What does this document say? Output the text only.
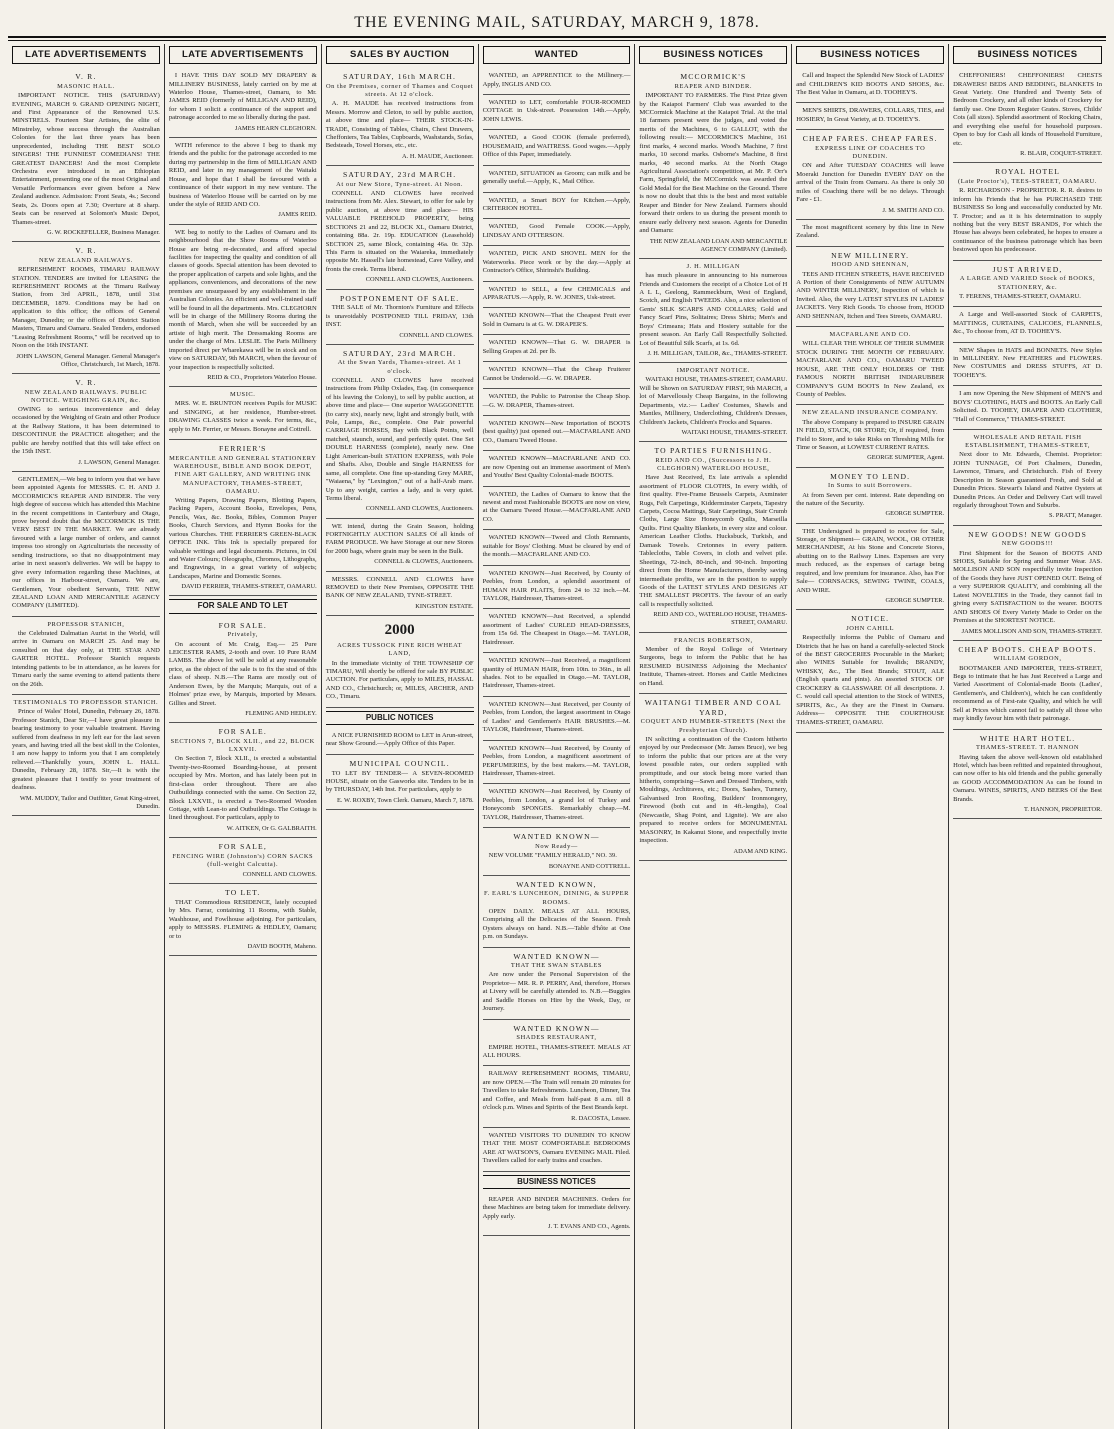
THE EVENING MAIL, SATURDAY, MARCH 9, 1878.
LATE ADVERTISEMENTS
V. R.
MASONIC HALL.
IMPORTANT NOTICE. THIS (SATURDAY) EVENING, MARCH 9. GRAND OPENING NIGHT, and First Appearance of the Renowned U.S. MINSTRELS. Fourteen Star Artistes, the elite of Minstrelsy, whose success through the Australian Colonies for the last three years has been unprecedented, including THE BEST SOLO SINGERS! THE FUNNIEST COMEDIANS! THE GREATEST DANCERS! And the most Complete Orchestra ever introduced in an Ethiopian Entertainment, presenting one of the most Original and Versatile Performances ever given before a New Zealand audience. Admission: Front Seats, 4s.; Second Seats, 2s. Doors open at 7.30; Overture at 8 sharp. Seats can be reserved at Solomon's Music Depot, Thames-street.
G. W. ROCKEFELLER, Business Manager.
V. R.
NEW ZEALAND RAILWAYS.
REFRESHMENT ROOMS, TIMARU RAILWAY STATION. TENDERS are invited for LEASING the REFRESHMENT ROOMS at the Timaru Railway Station, from 3rd APRIL, 1878, until 31st DECEMBER, 1879. Conditions may be had on application to this office; the offices of General Manager, Dunedin; or the offices of District Station Masters, Timaru and Oamaru. Sealed Tenders, endorsed "Leasing Refreshment Rooms," will be received up to Noon on the 16th INSTANT.
JOHN LAWSON, General Manager. General Manager's Office, Christchurch, 1st March, 1878.
V. R.
NEW ZEALAND RAILWAYS. PUBLIC NOTICE. WEIGHING GRAIN, &c.
OWING to serious inconvenience and delay occasioned by the Weighing of Grain and other Produce at the Railway Stations, it has been determined to DISCONTINUE the PRACTICE altogether; and the public are hereby notified that this will take effect on the 15th INST.
J. LAWSON, General Manager.
GENTLEMEN,—We beg to inform you that we have been appointed Agents for MESSRS. C. H. AND J. MCCORMICK'S REAPER AND BINDER. The very high degree of success which has attended this Machine in the recent competitions in Canterbury and Otago, prove beyond doubt that the MCCORMICK IS THE VERY BEST IN THE MARKET. We are already favoured with a large number of orders, and cannot impress too strongly on Agriculturists the necessity of sending instructions, so that no disappointment may arise in next season's deliveries. We will be happy to give every information regarding these Machines, at our offices in Harbour-street, Oamaru. We are, Gentlemen, Your obedient Servants, THE NEW ZEALAND LOAN AND MERCANTILE AGENCY COMPANY (LIMITED).
PROFESSOR STANICH,
the Celebrated Dalmatian Aurist in the World, will arrive in Oamaru on MARCH 25. And may be consulted on that day only, at THE STAR AND GARTER HOTEL. Professor Stanich requests intending patients to be in attendance, as he leaves for Timaru early the same evening to attend patients there on the 26th.
TESTIMONIALS TO PROFESSOR STANICH.
Prince of Wales' Hotel, Dunedin, February 26, 1878. Professor Stanich, Dear Sir,—I have great pleasure in bearing testimony to your valuable treatment. Having suffered from deafness in my left ear for the last seven years, and having tried all the best skill in the Colonies, I am now happy to inform you that I am completely relieved.—Thankfully yours, JOHN L. HALL. Dunedin, February 28, 1878. Sir,—It is with the greatest pleasure that I testify to your treatment of deafness.
WM. MUDDY, Tailor and Outfitter, Great King-street, Dunedin.
LATE ADVERTISEMENTS
I HAVE THIS DAY SOLD MY DRAPERY & MILLINERY BUSINESS, lately carried on by me at Waterloo House, Thames-street, Oamaru, to Mr. JAMES REID (formerly of MILLIGAN AND REID), for whom I solicit a continuance of the support and patronage accorded to me so liberally during the past.
JAMES HEARN CLEGHORN.
WITH reference to the above I beg to thank my friends and the public for the patronage accorded to me during my partnership in the firm of MILLIGAN AND REID, and later in my management of the Waitaki House, and hope that I shall be favoured with a continuance of their support in my new venture. The business of Waterloo House will be carried on by me under the style of REID AND CO.
JAMES REID.
WE beg to notify to the Ladies of Oamaru and its neighbourhood that the Show Rooms of Waterloo House are being re-decorated, and afford special facilities for inspecting the quality and condition of all classes of goods. Special attention has been devoted to the proper application of carpets and sole lights, and the appliances, conveniences, and decorations of the new premises are unsurpassed by any establishment in the Australian Colonies. An efficient and well-trained staff will be found in all the departments. Mrs. CLEGHORN will be in charge of the Millinery Rooms during the month of March, when she will be succeeded by an artiste of high merit. The Dressmaking Rooms are under the charge of Mrs. LESLIE. The Paris Millinery imported direct per Wharekawa will be in stock and on view on SATURDAY, 9th MARCH, when the favour of your inspection is respectfully solicited.
REID & CO., Proprietors Waterloo House.
MUSIC.
MRS. W. E. BRUNTON receives Pupils for MUSIC and SINGING, at her residence, Humber-street. DRAWING CLASSES twice a week. For terms, &c., apply to Mr. Ferrier, or Messrs. Bonayne and Cottrell.
FERRIER'S
MERCANTILE AND GENERAL STATIONERY WAREHOUSE, BIBLE AND BOOK DEPOT, FINE ART GALLERY, AND WRITING INK MANUFACTORY, THAMES-STREET, OAMARU.
Writing Papers, Drawing Papers, Blotting Papers, Packing Papers, Account Books, Envelopes, Pens, Pencils, Wax, &c. Books, Bibles, Common Prayer Books, Church Services, and Hymn Books for the various Churches. THE FERRIER'S GREEN-BLACK OFFICE INK. This Ink is specially prepared for valuable writings and legal documents. Pictures, in Oil and Water Colours; Oleographs, Chromos, Lithographs, and Engravings, in a great variety of subjects; Landscapes, Marine and Domestic Scenes.
DAVID FERRIER, THAMES-STREET, OAMARU.
FOR SALE AND TO LET
FOR SALE.
Privately,
On account of Mr. Craig, Esq.— 25 Pure LEICESTER RAMS, 2-tooth and over. 10 Pure RAM LAMBS. The above lot will be sold at any reasonable price, as the object of the sale is to fix the stud of this class of sheep. N.B.—The Rams are mostly out of Anderson Ewes, by the Marquis; Marquis, out of a Holmes' prize ewe, by Marquis, imported by Messrs. Gillies and Street.
FLEMING AND HEDLEY.
FOR SALE.
SECTIONS 7, BLOCK XLII., and 22, BLOCK LXXVII.
On Section 7, Block XLII., is erected a substantial Twenty-two-Roomed Boarding-house, at present occupied by Mrs. Morton, and has lately been put in first-class order throughout. There are also Outbuildings connected with the same. On Section 22, Block LXXVII., is erected a Two-Roomed Wooden Cottage, with Lean-to and Outbuildings. The Cottage is lined throughout. For particulars, apply to
W. AITKEN, Or G. GALBRAITH.
FOR SALE,
FENCING WIRE (Johnston's) CORN SACKS (full-weight Calcutta).
CONNELL AND CLOWES.
TO LET.
THAT Commodious RESIDENCE, lately occupied by Mrs. Farrar, containing 11 Rooms, with Stable, Washhouse, and Fowlhouse adjoining. For particulars, apply to MESSRS. FLEMING & HEDLEY, Oamaru; or to
DAVID BOOTH, Maheno.
SALES BY AUCTION
SATURDAY, 16th MARCH.
On the Premises, corner of Thames and Coquet streets. At 12 o'clock.
A. H. MAUDE has received instructions from Messrs. Morrow and Cleton, to sell by public auction, at above time and place— THEIR STOCK-IN-TRADE, Consisting of Tables, Chairs, Chest Drawers, Cheffoniers, Tea Tables, Cupboards, Washstands, Sofas, Bedsteads, Towel Horses, etc., etc.
A. H. MAUDE, Auctioneer.
SATURDAY, 23rd MARCH.
At our New Store, Tyne-street. At Noon.
CONNELL AND CLOWES have received instructions from Mr. Alex. Stewart, to offer for sale by public auction, at above time and place— HIS VALUABLE FREEHOLD PROPERTY, being SECTIONS 21 and 22, BLOCK XL, Oamaru District, containing 88a. 2r. 19p. EDUCATION (Leasehold) SECTION 25, same Block, containing 46a. 0r. 32p. This Farm is situated on the Waiareka, immediately opposite Mr. Hassell's late homestead, Cave Valley, and fronts the creek. Terms liberal.
CONNELL AND CLOWES, Auctioneers.
POSTPONEMENT OF SALE.
THE SALE of Mr. Thornton's Furniture and Effects is unavoidably POSTPONED TILL FRIDAY, 13th INST.
CONNELL AND CLOWES.
SATURDAY, 23rd MARCH.
At the Swan Yards, Thames-street. At 1 o'clock.
CONNELL AND CLOWES have received instructions from Philip Oxlades, Esq. (in consequence of his leaving the Colony), to sell by public auction, at above time and place— One superior WAGGONETTE (to carry six), nearly new, light and strongly built, with Pole, Lamps, &c., complete. One Pair powerful CARRIAGE HORSES, Bay with Black Points, well matched, staunch, sound, and perfectly quiet. One Set DOUBLE HARNESS (complete), nearly new. One Light American-built STATION EXPRESS, with Pole and Shafts. Also, Double and Single HARNESS for same, all complete. One fine up-standing Grey MARE, "Waiaena," by "Lexington," out of a half-Arab mare. Up to any weight, carries a lady, and is very quiet. Terms liberal.
CONNELL AND CLOWES, Auctioneers.
WE intend, during the Grain Season, holding FORTNIGHTLY AUCTION SALES Of all kinds of FARM PRODUCE. We have Storage at our new Stores for 2000 bags, where grain may be seen in the Bulk.
CONNELL & CLOWES, Auctioneers.
MESSRS. CONNELL AND CLOWES have REMOVED to their New Premises, OPPOSITE THE BANK OF NEW ZEALAND, TYNE-STREET.
KINGSTON ESTATE.
2000
ACRES TUSSOCK FINE RICH WHEAT LAND,
In the immediate vicinity of THE TOWNSHIP OF TIMARU, Will shortly be offered for sale BY PUBLIC AUCTION. For particulars, apply to MILES, HASSAL AND CO., Christchurch; or, MILES, ARCHER, AND CO., Timaru.
PUBLIC NOTICES
A NICE FURNISHED ROOM to LET in Arun-street, near Show Ground.—Apply Office of this Paper.
MUNICIPAL COUNCIL.
TO LET BY TENDER— A SEVEN-ROOMED HOUSE, situate on the Gasworks site. Tenders to be in by THURSDAY, 14th Inst. For particulars, apply to
E. W. ROXBY, Town Clerk. Oamaru, March 7, 1878.
WANTED
WANTED, an APPRENTICE to the Millinery.—Apply, INGLIS AND CO.
WANTED to LET, comfortable FOUR-ROOMED COTTAGE in Usk-street. Possession 14th.—Apply, JOHN LEWIS.
WANTED, a Good COOK (female preferred), HOUSEMAID, and WAITRESS. Good wages.—Apply Office of this Paper, immediately.
WANTED, SITUATION as Groom; can milk and be generally useful.—Apply, K., Mail Office.
WANTED, a Smart BOY for Kitchen.—Apply, CRITERION HOTEL.
WANTED, Good Female COOK.—Apply, LINDSAY AND OTTERSON.
WANTED, PICK AND SHOVEL MEN for the Waterworks. Piece work or by the day.—Apply at Contractor's Office, Shirinshi's Building.
WANTED to SELL, a few CHEMICALS and APPARATUS.—Apply, R. W. JONES, Usk-street.
WANTED KNOWN—That the Cheapest Fruit ever Sold in Oamaru is at G. W. DRAPER'S.
WANTED KNOWN—That G. W. DRAPER is Selling Grapes at 2d. per lb.
WANTED KNOWN—That the Cheap Fruiterer Cannot be Undersold.—G. W. DRAPER.
WANTED, the Public to Patronise the Cheap Shop.—G. W. DRAPER, Thames-street.
WANTED KNOWN—New Importation of BOOTS (best quality) just opened out.—MACFARLANE AND CO., Oamaru Tweed House.
WANTED KNOWN—MACFARLANE AND CO. are now Opening out an immense assortment of Men's and Youths' Best Quality Colonial-made BOOTS.
WANTED, the Ladies of Oamaru to know that the newest and most Fashionable BOOTS are now on view, at the Oamaru Tweed House.—MACFARLANE AND CO.
WANTED KNOWN—Tweed and Cloth Remnants, suitable for Boys' Clothing. Must be cleared by end of the month.—MACFARLANE AND CO.
WANTED KNOWN—Just Received, by County of Peebles, from London, a splendid assortment of HUMAN HAIR PLAITS, from 24 to 32 inch.—M. TAYLOR, Hairdresser, Thames-street.
WANTED KNOWN—Just Received, a splendid assortment of Ladies' CURLED HEAD-DRESSES, from 15s 6d. The Cheapest in Otago.—M. TAYLOR, Hairdresser.
WANTED KNOWN—Just Received, a magnificent quantity of HUMAN HAIR, from 10in. to 36in., in all shades. Not to be equalled in Otago.—M. TAYLOR, Hairdresser, Thames-street.
WANTED KNOWN—Just Received, per County of Peebles, from London, the largest assortment in Otago of Ladies' and Gentlemen's HAIR BRUSHES.—M. TAYLOR, Hairdresser, Thames-street.
WANTED KNOWN—Just Received, by County of Peebles, from London, a magnificent assortment of PERFUMERIES, by the best makers.—M. TAYLOR, Hairdresser, Thames-street.
WANTED KNOWN—Just Received, by County of Peebles, from London, a grand lot of Turkey and Honeycomb SPONGES. Remarkably cheap.—M. TAYLOR, Hairdresser, Thames-street.
WANTED KNOWN—
Now Ready—
NEW VOLUME "FAMILY HERALD," NO. 39.
BONAYNE AND COTTRELL.
WANTED KNOWN,
F. EARL'S LUNCHEON, DINING, & SUPPER ROOMS.
OPEN DAILY. MEALS AT ALL HOURS, Comprising all the Delicacies of the Season. Fresh Oysters always on hand. N.B.—Table d'hôte at One p.m. on Sundays.
WANTED KNOWN—
THAT THE SWAN STABLES
Are now under the Personal Supervision of the Proprietor— MR. R. P. PERRY, And, therefore, Horses at Livery will be carefully attended to. N.B.—Buggies and Saddle Horses on Hire by the Week, Day, or Journey.
WANTED KNOWN—
SHADES RESTAURANT,
EMPIRE HOTEL, THAMES-STREET. MEALS AT ALL HOURS.
RAILWAY REFRESHMENT ROOMS, TIMARU, are now OPEN.—The Train will remain 20 minutes for Travellers to take Refreshments. Luncheon, Dinner, Tea and Coffee, and Meals from half-past 8 a.m. till 8 o'clock p.m. Wines and Spirits of the Best Brands kept.
R. DACOSTA, Lessee.
WANTED VISITORS TO DUNEDIN TO KNOW THAT THE MOST COMFORTABLE BEDROOMS ARE AT WATSON'S, Oamaru EVENING MAIL Filed. Travellers called for early trains and coaches.
BUSINESS NOTICES
REAPER AND BINDER MACHINES. Orders for these Machines are being taken for immediate delivery. Apply early.
J. T. EVANS AND CO., Agents.
BUSINESS NOTICES
MCCORMICK'S
REAPER AND BINDER.
IMPORTANT TO FARMERS. The First Prize given by the Kaiapoi Farmers' Club was awarded to the MCCormick Machine at the Kaiapoi Trial. At the trial 18 farmers present were the judges, and voted the merits of the Machines, 6 to GALLOT, with the following result:— MCCORMICK'S Machine, 161 first marks, 4 second marks. Wood's Machine, 7 first marks, 10 second marks. Osborne's Machine, 8 first marks, 40 second marks. At the North Otago Agricultural Association's competition, at Mr. P. Orr's Farm, Springfield, the MCCormick was awarded the Gold Medal for the Best Machine on the Ground. There is now no doubt that this is the best and most suitable Reaper and Binder for New Zealand. Farmers should forward their orders to us during the present month to ensure early delivery next season. Agents for Dunedin and Oamaru:
THE NEW ZEALAND LOAN AND MERCANTILE AGENCY COMPANY (Limited).
J. H. MILLIGAN
has much pleasure in announcing to his numerous Friends and Customers the receipt of a Choice Lot of H A L L, Geelong, Rammeckburn, West of England, Scotch, and English TWEEDS. Also, a nice selection of Gents' SILK SCARFS AND COLLARS; Gold and Fancy Scarf Pins, Solitaires; Dress Shirts; Men's and Boys' Crimeans; Hats and Hosiery suitable for the present season. An Early Call Respectfully Solicited. Lot of Beautiful Silk Scarfs, at 1s. 6d.
J. H. MILLIGAN, TAILOR, &c., THAMES-STREET.
IMPORTANT NOTICE.
WAITAKI HOUSE, THAMES-STREET, OAMARU. Will be Shown on SATURDAY FIRST, 9th MARCH, a lot of Marvellously Cheap Bargains, in the following Departments, viz.:— Ladies' Costumes, Shawls and Mantles, Millinery, Underclothing, Children's Dresses, Children's Jackets, Children's Frocks and Squares.
WAITAKI HOUSE, THAMES-STREET.
TO PARTIES FURNISHING.
REID AND CO., (Successors to J. H. CLEGHORN) WATERLOO HOUSE,
Have Just Received, Ex late arrivals a splendid assortment of FLOOR CLOTHS, In every width, of first quality. Five-Frame Brussels Carpets, Axminster Rugs, Felt Carpetings, Kidderminster Carpets, Tapestry Carpets, Cocoa Mattings, Stair Carpetings, Stair Crumb Cloths, Large Size Honeycomb Quilts, Marseilla Quilts. First Quality Blankets, in every size and colour. American Leather Cloths. Hucksbuck, Turkish, and Damask Towels. Cretonnes in every pattern. Tablecloths, Table Covers, in cloth and velvet pile. Sheetings, 72-inch, 80-inch, and 90-inch. Importing direct from the Home Manufacturers, thereby saving intermediate profits, we are in the position to supply Goods of the LATEST STYLES AND DESIGNS AT THE SMALLEST PROFITS. The favour of an early call is respectfully solicited.
REID AND CO., WATERLOO HOUSE, THAMES-STREET, OAMARU.
FRANCIS ROBERTSON,
Member of the Royal College of Veterinary Surgeons, begs to inform the Public that he has RESUMED BUSINESS Adjoining the Mechanics' Institute, Thames-street. Horses and Cattle Medicines on Hand.
WAITANGI TIMBER AND COAL YARD,
COQUET AND HUMBER-STREETS (Next the Presbyterian Church).
IN soliciting a continuation of the Custom hitherto enjoyed by our Predecessor (Mr. James Bruce), we beg to inform the public that our prices are at the very lowest possible rates, our orders supplied with promptitude, and our stock being more varied than hitherto, comprising—Sawn and Dressed Timbers, with Mouldings, Architraves, etc.; Doors, Sashes, Turnery, Galvanised Iron Roofing, Builders' Ironmongery, Firewood (both cut and in 4ft.-lengths), Coal (Newcastle, Shag Point, and Lignite). We are also prepared to receive orders for MONUMENTAL MASONRY, In Kakanui Stone, and respectfully invite inspection.
ADAM AND KING.
BUSINESS NOTICES
Call and Inspect the Splendid New Stock of LADIES' and CHILDREN'S KID BOOTS AND SHOES, &c. The Best Value in Oamaru, at D. TOOHEY'S.
MEN'S SHIRTS, DRAWERS, COLLARS, TIES, and HOSIERY, In Great Variety, at D. TOOHEY'S.
CHEAP FARES. CHEAP FARES.
EXPRESS LINE OF COACHES TO DUNEDIN.
ON and After TUESDAY COACHES will leave Moeraki Junction for Dunedin EVERY DAY on the arrival of the Train from Oamaru. As there is only 30 miles of Coaching there will be no delays. Through Fare - £1.
J. M. SMITH AND CO.
The most magnificent scenery by this line in New Zealand.
NEW MILLINERY.
HOOD AND SHENNAN,
TEES AND ITCHEN STREETS, HAVE RECEIVED A Portion of their Consignments of NEW AUTUMN AND WINTER MILLINERY, Inspection of which is Invited. Also, the very LATEST STYLES IN LADIES' JACKETS. Very Rich Goods. To choose from, HOOD AND SHENNAN, Itchen and Tees Streets, OAMARU.
MACFARLANE AND CO.
WILL CLEAR THE WHOLE OF THEIR SUMMER STOCK DURING THE MONTH OF FEBRUARY. MACFARLANE AND CO., OAMARU TWEED HOUSE, ARE THE ONLY HOLDERS OF THE FAMOUS NORTH BRITISH INDIARUBBER COMPANY'S GUM BOOTS In New Zealand, ex County of Peebles.
NEW ZEALAND INSURANCE COMPANY.
The above Company is prepared to INSURE GRAIN IN FIELD, STACK, OR STORE; Or, if required, from Field to Store, and to take Risks on Threshing Mills for Time or Season, at LOWEST CURRENT RATES.
GEORGE SUMPTER, Agent.
MONEY TO LEND.
In Sums to suit Borrowers.
At from Seven per cent. interest. Rate depending on the nature of the Security.
GEORGE SUMPTER.
THE Undersigned is prepared to receive for Sale, Storage, or Shipment— GRAIN, WOOL, OR OTHER MERCHANDISE, At his Stone and Concrete Stores, abutting on to the Railway Lines. Expenses are very much reduced, as the expenses of cartage being required, and low premium for insurance. Also, has For Sale— CORNSACKS, SEWING TWINE, COALS, AND WIRE.
GEORGE SUMPTER.
NOTICE.
JOHN CAHILL
Respectfully informs the Public of Oamaru and Districts that he has on hand a carefully-selected Stock of the BEST GROCERIES Procurable in the Market; also WINES Suitable for Invalids; BRANDY, WHISKY, &c., The Best Brands; STOUT, ALE (English quarts and pints). An assorted STOCK OF CROCKERY & GLASSWARE Of all descriptions. J. C. would call special attention to the Stock of WINES, SPIRITS, &c., As they are the Finest in Oamaru. Address— OPPOSITE THE COURTHOUSE THAMES-STREET, OAMARU.
BUSINESS NOTICES
CHEFFONIERS! CHEFFONIERS! CHESTS DRAWERS! BEDS AND BEDDING, BLANKETS In Great Variety. One Hundred and Twenty Sets of Bedroom Crockery, and all other kinds of Crockery for family use. One Dozen Register Grates. Stoves, Childs' Cots (all sizes). Splendid assortment of Rocking Chairs, and everything else useful for household purposes. Open to buy for Cash all kinds of Household Furniture, etc.
R. BLAIR, COQUET-STREET.
ROYAL HOTEL
(Late Proctor's), TEES-STREET, OAMARU.
R. RICHARDSON - PROPRIETOR. R. R. desires to inform his Friends that he has PURCHASED THE BUSINESS So long and successfully conducted by Mr. T. Proctor; and as it is his determination to supply nothing but the very BEST BRANDS, For which the House has always been celebrated, he hopes to ensure a continuance of the business patronage which has been bestowed upon his predecessor.
JUST ARRIVED,
A LARGE AND VARIED Stock of BOOKS, STATIONERY, &c.
T. FERENS, THAMES-STREET, OAMARU.
A Large and Well-assorted Stock of CARPETS, MATTINGS, CURTAINS, CALICOES, FLANNELS, &c., To choose from, AT D. TOOHEY'S.
NEW Shapes in HATS and BONNETS. New Styles in MILLINERY. New FEATHERS and FLOWERS. New COSTUMES and DRESS STUFFS, AT D. TOOHEY'S.
I am now Opening the New Shipment of MEN'S and BOYS' CLOTHING, HATS and BOOTS. An Early Call Solicited. D. TOOHEY, DRAPER AND CLOTHIER, "Hall of Commerce," THAMES-STREET.
WHOLESALE AND RETAIL FISH ESTABLISHMENT, THAMES-STREET,
Next door to Mr. Edwards, Chemist. Proprietor: JOHN TUNNAGE, Of Port Chalmers, Dunedin, Lawrence, Timaru, and Christchurch. Fish of Every Description in Season guaranteed Fresh, and Sold at Dunedin Prices. Stewart's Island and Native Oysters at Dunedin Prices. An Order and Delivery Cart will travel regularly throughout Town and Suburbs.
S. PRATT, Manager.
NEW GOODS! NEW GOODS
NEW GOODS!!!
First Shipment for the Season of BOOTS AND SHOES, Suitable for Spring and Summer Wear. JAS. MOLLISON AND SON respectfully invite Inspection of the Goods they have JUST OPENED OUT. Being of a very SUPERIOR QUALITY, and combining all the Latest NOVELTIES in the Trade, they cannot fail in giving every SATISFACTION to the wearer. BOOTS AND SHOES Of Every Variety Made to Order on the Premises at the SHORTEST NOTICE.
JAMES MOLLISON AND SON, THAMES-STREET.
CHEAP BOOTS. CHEAP BOOTS.
WILLIAM GORDON,
BOOTMAKER AND IMPORTER, TEES-STREET, Begs to intimate that he has Just Received a Large and Varied Assortment of Colonial-made Boots (Ladies', Gentlemen's, and Children's), which he can confidently recommend as of First-rate Quality, and which he will Sell at Prices which cannot fail to satisfy all those who may kindly favour him with their patronage.
WHITE HART HOTEL.
THAMES-STREET. T. HANNON
Having taken the above well-known old established Hotel, which has been refitted and repainted throughout, can now offer to his old friends and the public generally as GOOD ACCOMMODATION As can be found in Oamaru. WINES, SPIRITS, AND BEERS Of the Best Brands.
T. HANNON, PROPRIETOR.
